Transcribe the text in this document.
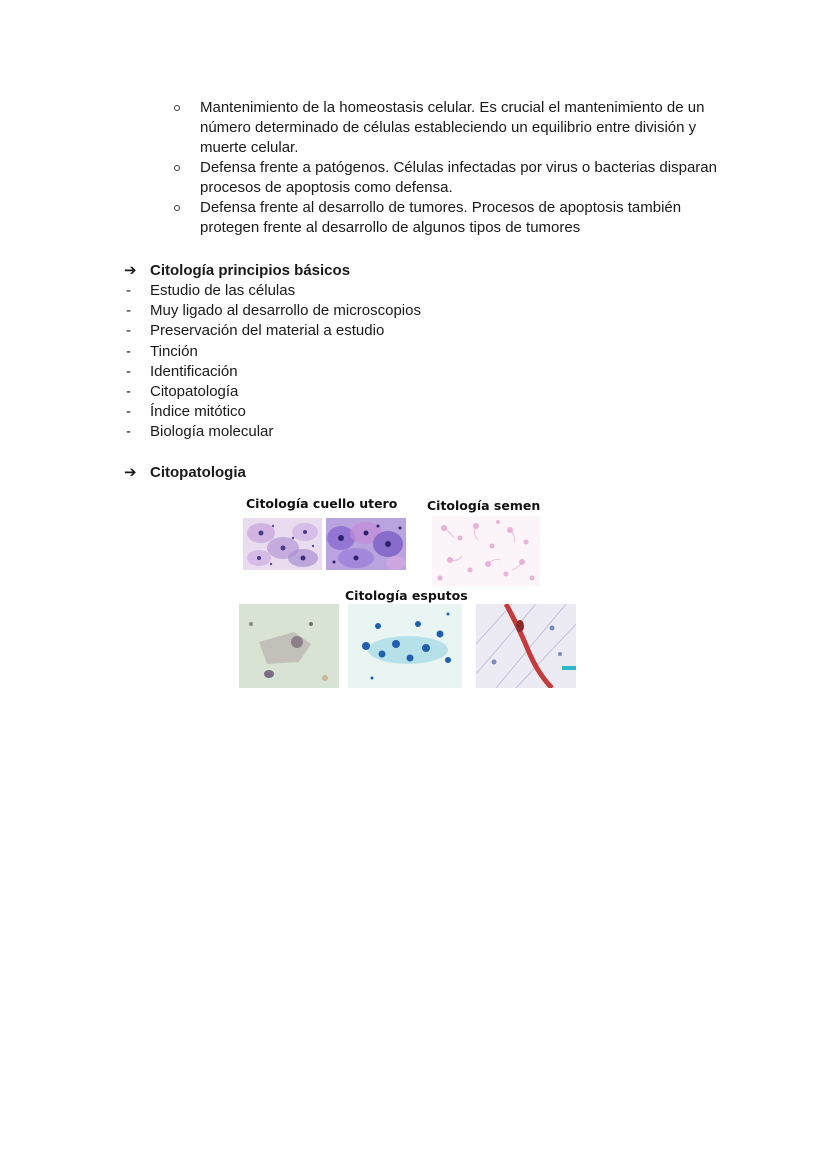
Mantenimiento de la homeostasis celular. Es crucial el mantenimiento de un
número determinado de células estableciendo un equilibrio entre división y
muerte celular.
Defensa frente a patógenos. Células infectadas por virus o bacterias disparan
procesos de apoptosis como defensa.
Defensa frente al desarrollo de tumores. Procesos de apoptosis también
protegen frente al desarrollo de algunos tipos de tumores
➔ Citología principios básicos
- Estudio de las células
- Muy ligado al desarrollo de microscopios
- Preservación del material a estudio
- Tinción
- Identificación
- Citopatología
- Índice mitótico
- Biología molecular
➔ Citopatologia
Citología cuello utero Citología semen
Citología esputos
